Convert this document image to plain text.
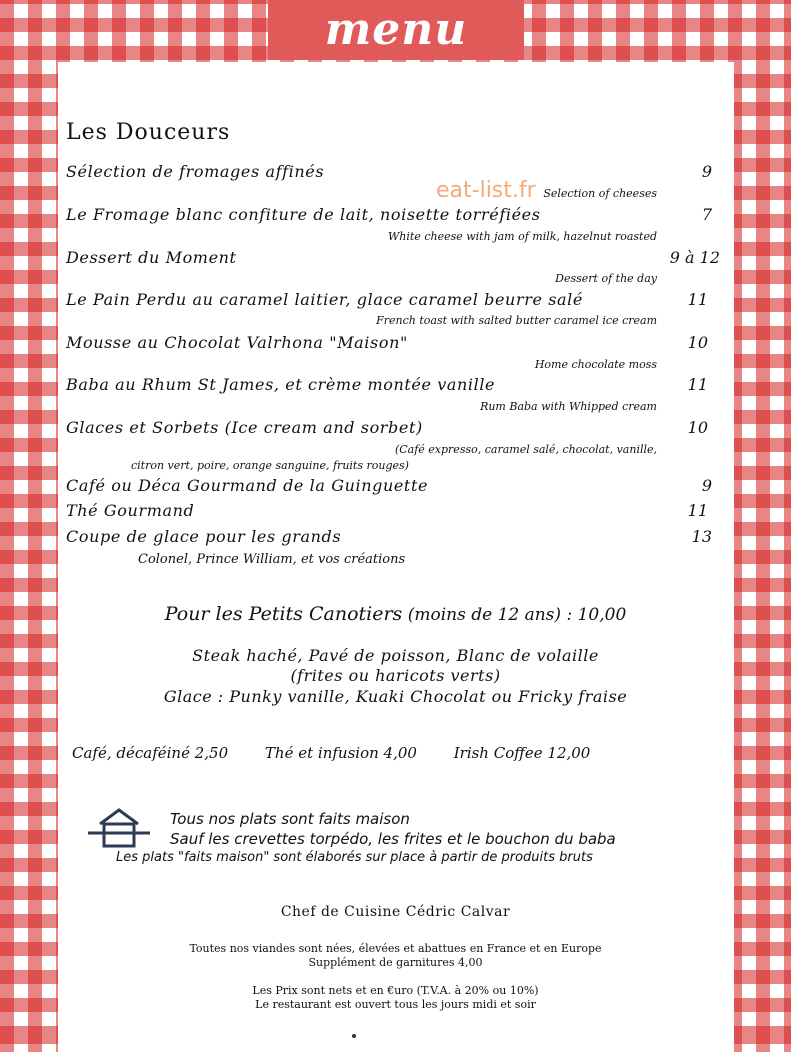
menu
Les Douceurs
eat-list.fr
Sélection de fromages affinés	9
Selection of cheeses
Le Fromage blanc confiture de lait, noisette torréfiées	7
White cheese with jam of milk, hazelnut roasted
Dessert du Moment	9 à 12
Dessert of the day
Le Pain Perdu au caramel laitier, glace caramel beurre salé	11
French toast with salted butter caramel ice cream
Mousse au Chocolat Valrhona "Maison"	10
Home chocolate moss
Baba au Rhum St James, et crème montée vanille	11
Rum Baba with Whipped cream
Glaces et Sorbets (Ice cream and sorbet)	10
(Café expresso, caramel salé, chocolat, vanille,
citron vert, poire, orange sanguine, fruits rouges)
Café ou Déca Gourmand de la Guinguette	9
Thé Gourmand	11
Coupe de glace pour les grands	13
Colonel, Prince William, et vos créations
Pour les Petits Canotiers (moins de 12 ans) : 10,00
Steak haché, Pavé de poisson, Blanc de volaille
(frites ou haricots verts)
Glace : Punky vanille, Kuaki Chocolat ou Fricky fraise
Café, décaféiné 2,50 Thé et infusion 4,00 Irish Coffee 12,00
Tous nos plats sont faits maison
Sauf les crevettes torpédo, les frites et le bouchon du baba
Les plats "faits maison" sont élaborés sur place à partir de produits bruts
Chef de Cuisine Cédric Calvar
Toutes nos viandes sont nées, élevées et abattues en France et en Europe
Supplément de garnitures 4,00
Les Prix sont nets et en €uro (T.V.A. à 20% ou 10%)
Le restaurant est ouvert tous les jours midi et soir
